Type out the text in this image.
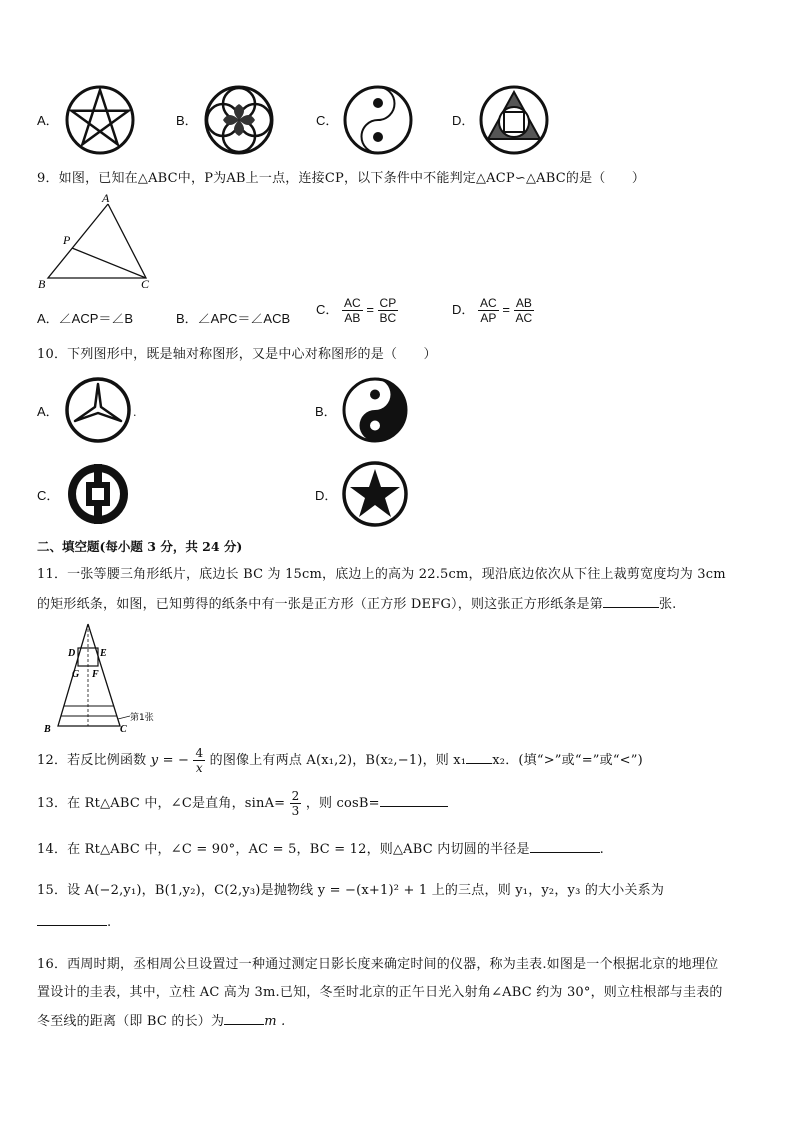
A．	B．	C．	D．
9．如图，已知在△ABC中，P为AB上一点，连接CP，以下条件中不能判定△ACP∽△ABC的是（　　）
A
P
B	C
A．∠ACP＝∠B	B．∠APC＝∠ACB
C． $\frac{AC}{AB} = \frac{CP}{BC}$	D． $\frac{AC}{AP} = \frac{AB}{AC}$
10．下列图形中，既是轴对称图形，又是中心对称图形的是（　　）
A．	.	B．
C．	D．
二、填空题(每小题 3 分，共 24 分)
11．一张等腰三角形纸片，底边长 BC 为 15cm，底边上的高为 22.5cm，现沿底边依次从下往上裁剪宽度均为 3cm
的矩形纸条，如图，已知剪得的纸条中有一张是正方形（正方形 DEFG），则这张正方形纸条是第	张.
D E
G F
B	C
第1张
12．若反比例函数 y = − $\frac{4}{x}$ 的图像上有两点 A(x₁,2)，B(x₂,−1)，则 x₁ x₂．(填“>”或“=”或“<”)
13．在 Rt△ABC 中，∠C是直角，$\sin A= \frac{2}{3}$ ，则 cosB=
14．在 Rt△ABC 中，∠C = 90°，AC = 5，BC = 12，则△ABC 内切圆的半径是	.
15．设 A(−2,y₁)，B(1,y₂)，C(2,y₃)是抛物线 y = −(x+1)² + 1 上的三点，则 y₁，y₂，y₃ 的大小关系为
.
16．西周时期，丞相周公旦设置过一种通过测定日影长度来确定时间的仪器，称为圭表.如图是一个根据北京的地理位
置设计的圭表，其中，立柱 AC 高为 3m.已知，冬至时北京的正午日光入射角∠ABC 约为 30°，则立柱根部与圭表的
冬至线的距离（即 BC 的长）为	m .
